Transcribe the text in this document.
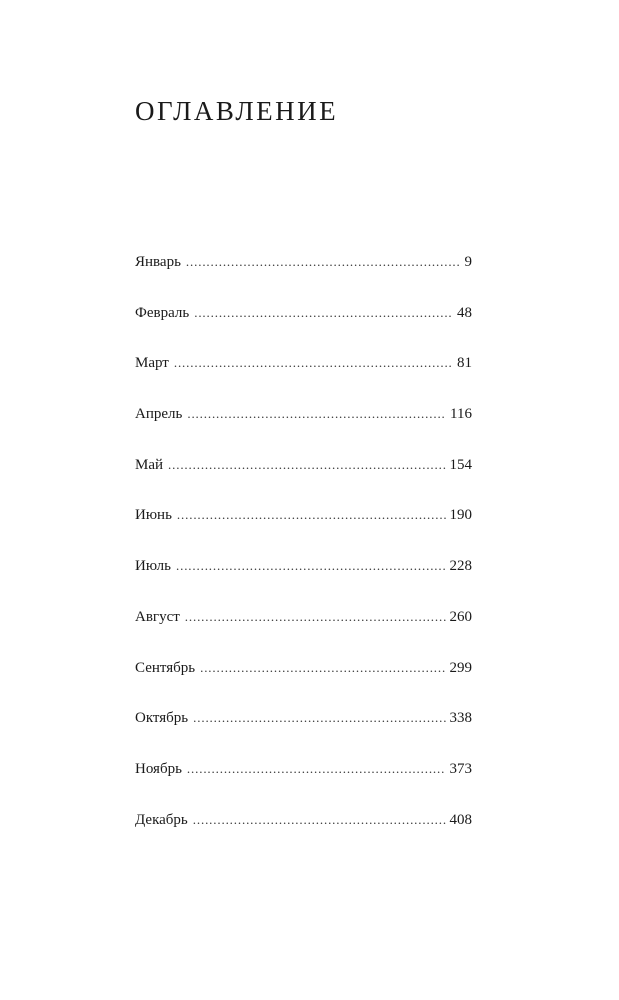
ОГЛАВЛЕНИЕ
Январь . . .	9
Февраль . . .	48
Март . . .	81
Апрель . . .	116
Май . . .	154
Июнь . . .	190
Июль . . .	228
Август . . .	260
Сентябрь . . .	299
Октябрь . . .	338
Ноябрь . . .	373
Декабрь . . .	408
